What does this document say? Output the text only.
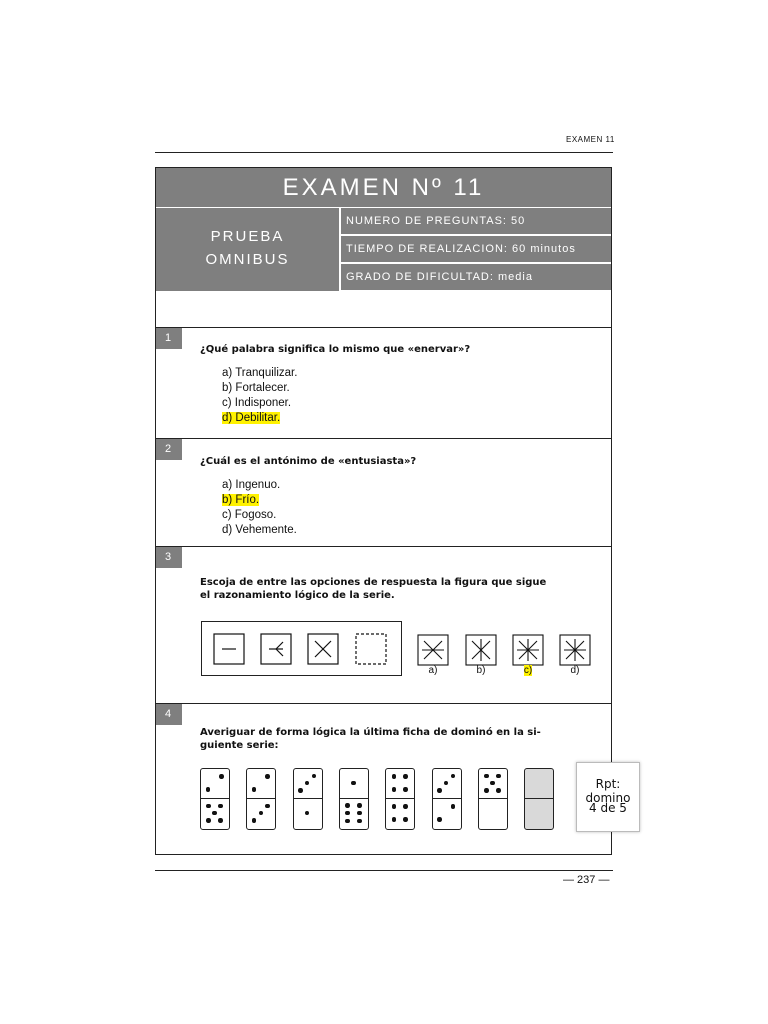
EXAMEN 11
EXAMEN Nº 11
PRUEBA
OMNIBUS
NUMERO DE PREGUNTAS: 50
TIEMPO DE REALIZACION: 60 minutos
GRADO DE DIFICULTAD: media
1
¿Qué palabra significa lo mismo que «enervar»?
a) Tranquilizar.
b) Fortalecer.
c) Indisponer.
d) Debilitar.
2
¿Cuál es el antónimo de «entusiasta»?
a) Ingenuo.
b) Frío.
c) Fogoso.
d) Vehemente.
3
Escoja de entre las opciones de respuesta la figura que sigue
el razonamiento lógico de la serie.
a)	b)	c)	d)
4
Averiguar de forma lógica la última ficha de dominó en la si-
guiente serie:
Rpt: domino
4 de 5
— 237 —
